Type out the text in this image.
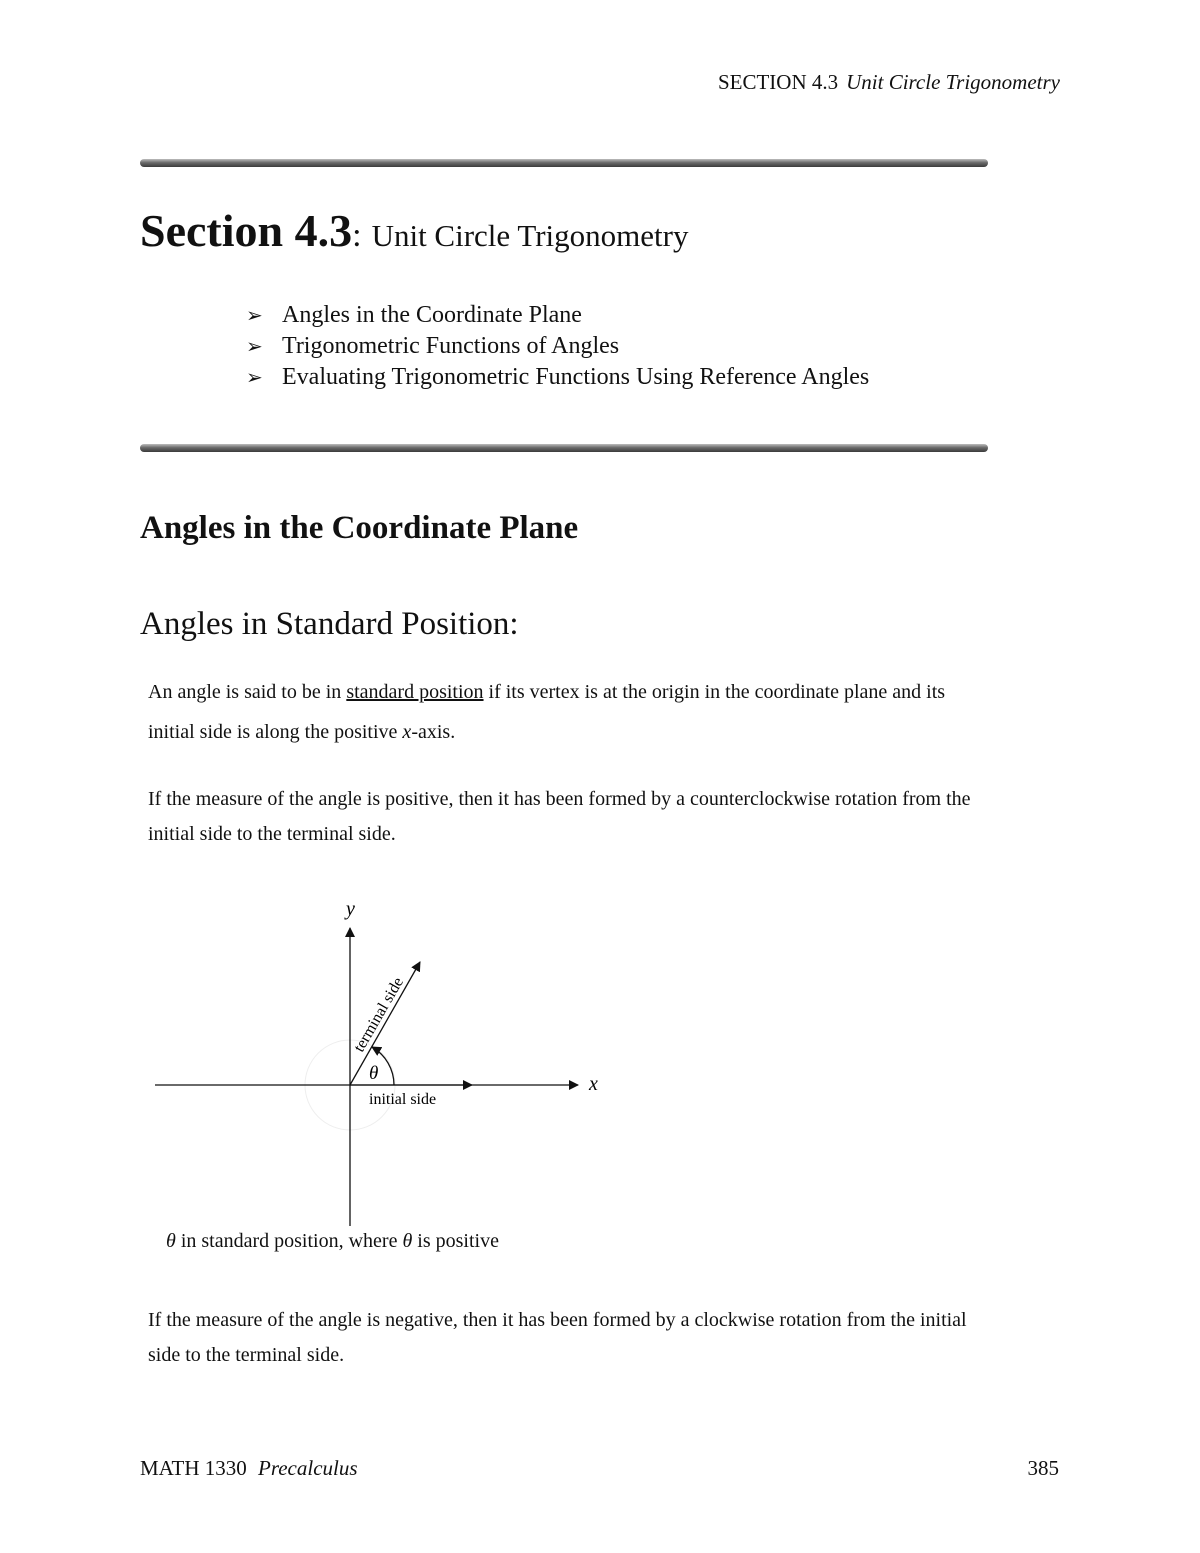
SECTION 4.3 Unit Circle Trigonometry
Section 4.3: Unit Circle Trigonometry
➢ Angles in the Coordinate Plane
➢ Trigonometric Functions of Angles
➢ Evaluating Trigonometric Functions Using Reference Angles
Angles in the Coordinate Plane
Angles in Standard Position:
An angle is said to be in standard position if its vertex is at the origin in the coordinate plane and its initial side is along the positive x-axis.
If the measure of the angle is positive, then it has been formed by a counterclockwise rotation from the initial side to the terminal side.
y
x
θ
initial side
terminal side
θ in standard position, where θ is positive
If the measure of the angle is negative, then it has been formed by a clockwise rotation from the initial side to the terminal side.
MATH 1330 Precalculus	385
